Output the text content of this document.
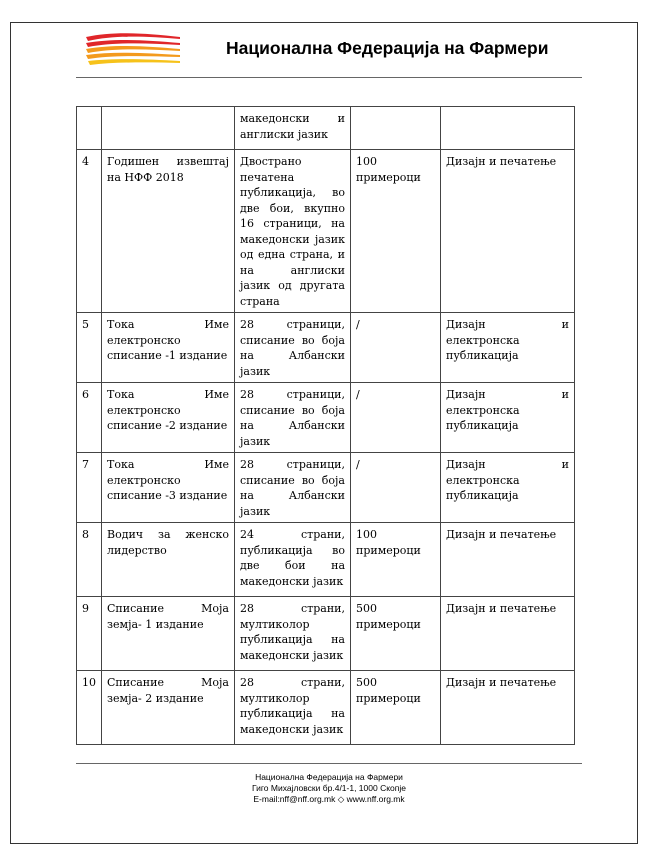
Национална Федерација на Фармери
		македонски и англиски јазик		
4	Годишен извештај на НФФ 2018	Двострано печатена публикација, во две бои, вкупно 16 страници, на македонски јазик од една страна, и на англиски јазик од другата страна	100 примероци	Дизајн и печатење
5	Тока Име електронско списание -1 издание	28 страници, списание во боја на Албански јазик	/	Дизајн и електронска публикација
6	Тока Име електронско списание -2 издание	28 страници, списание во боја на Албански јазик	/	Дизајн и електронска публикација
7	Тока Име електронско списание -3 издание	28 страници, списание во боја на Албански јазик	/	Дизајн и електронска публикација
8	Водич за женско лидерство	24 страни, публикација во две бои на македонски јазик	100 примероци	Дизајн и печатење
9	Списание Моја земја- 1 издание	28 страни, мултиколор публикација на македонски јазик	500 примероци	Дизајн и печатење
10	Списание Моја земја- 2 издание	28 страни, мултиколор публикација на македонски јазик	500 примероци	Дизајн и печатење
Национална Федерација на Фармери
Гиго Михајловски бр.4/1-1, 1000 Скопје
E-mail:nff@nff.org.mk ◇ www.nff.org.mk
